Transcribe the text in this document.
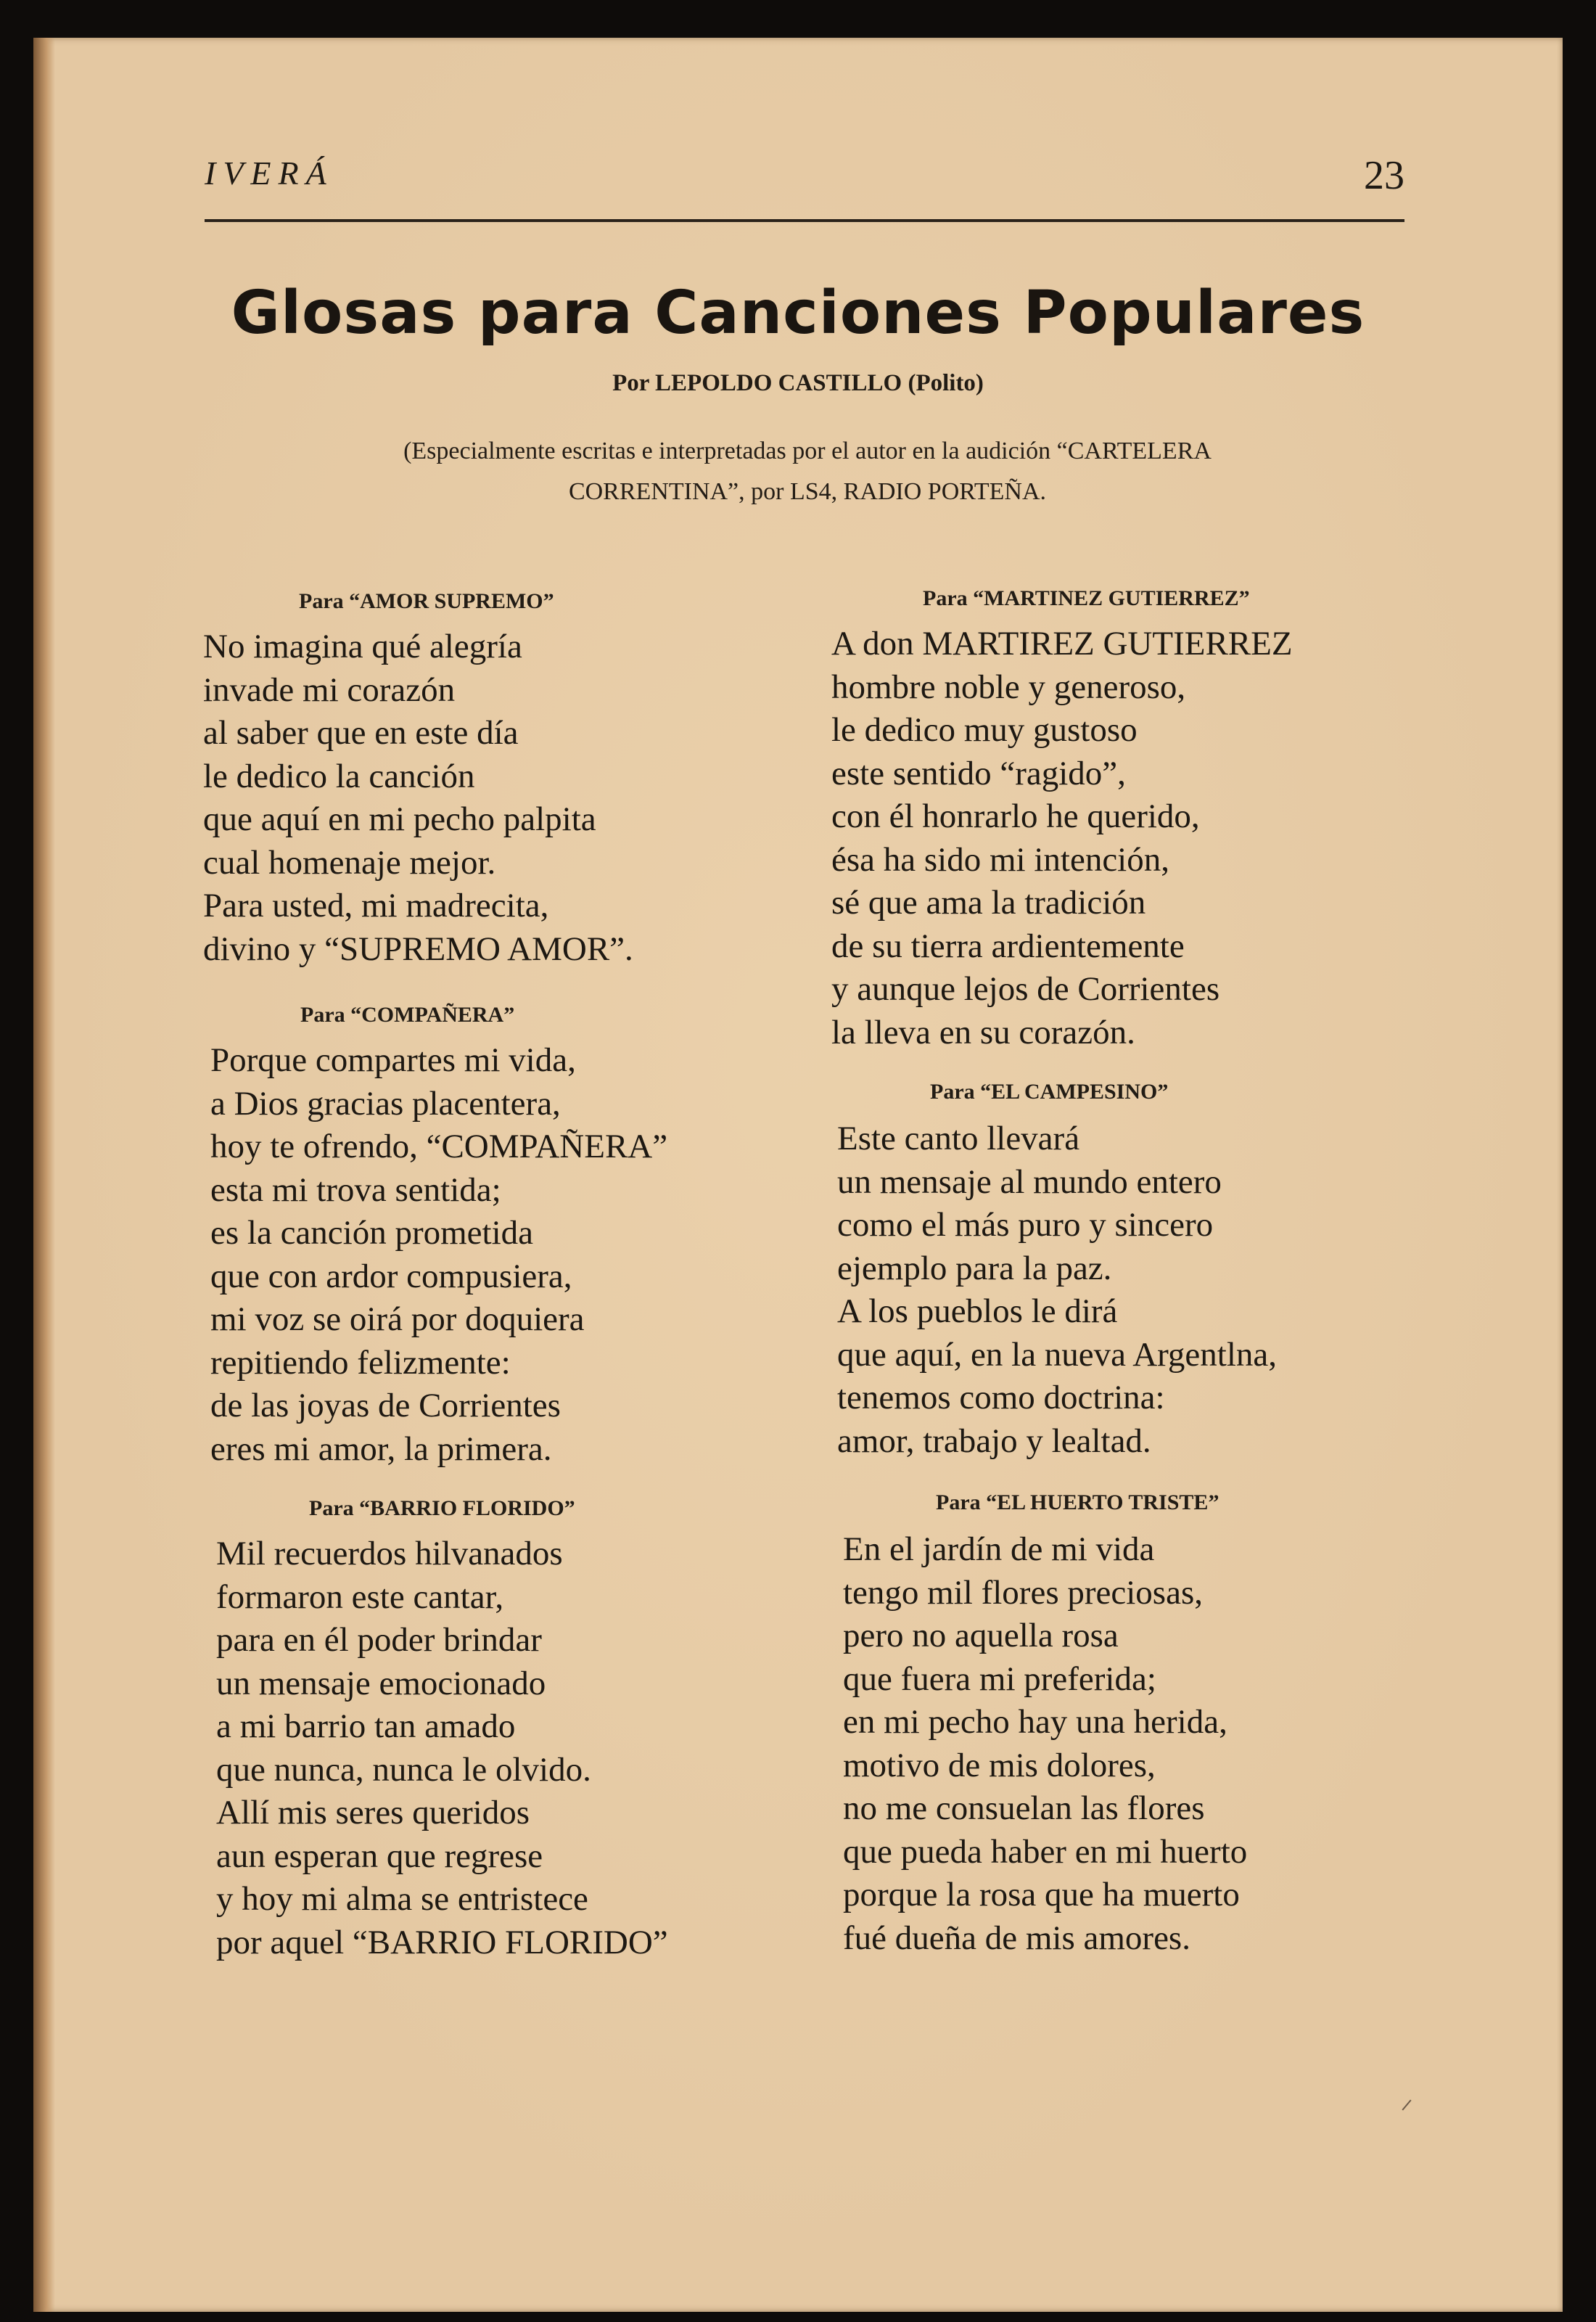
IVERÁ	23
Glosas para Canciones Populares
Por LEPOLDO CASTILLO (Polito)
(Especialmente escritas e interpretadas por el autor en la audición “CARTELERA
CORRENTINA”, por LS4, RADIO PORTEÑA.
Para “AMOR SUPREMO”
No imagina qué alegría
invade mi corazón
al saber que en este día
le dedico la canción
que aquí en mi pecho palpita
cual homenaje mejor.
Para usted, mi madrecita,
divino y “SUPREMO AMOR”.
Para “COMPAÑERA”
Porque compartes mi vida,
a Dios gracias placentera,
hoy te ofrendo, “COMPAÑERA”
esta mi trova sentida;
es la canción prometida
que con ardor compusiera,
mi voz se oirá por doquiera
repitiendo felizmente:
de las joyas de Corrientes
eres mi amor, la primera.
Para “BARRIO FLORIDO”
Mil recuerdos hilvanados
formaron este cantar,
para en él poder brindar
un mensaje emocionado
a mi barrio tan amado
que nunca, nunca le olvido.
Allí mis seres queridos
aun esperan que regrese
y hoy mi alma se entristece
por aquel “BARRIO FLORIDO”
Para “MARTINEZ GUTIERREZ”
A don MARTIREZ GUTIERREZ
hombre noble y generoso,
le dedico muy gustoso
este sentido “ragido”,
con él honrarlo he querido,
ésa ha sido mi intención,
sé que ama la tradición
de su tierra ardientemente
y aunque lejos de Corrientes
la lleva en su corazón.
Para “EL CAMPESINO”
Este canto llevará
un mensaje al mundo entero
como el más puro y sincero
ejemplo para la paz.
A los pueblos le dirá
que aquí, en la nueva Argentlna,
tenemos como doctrina:
amor, trabajo y lealtad.
Para “EL HUERTO TRISTE”
En el jardín de mi vida
tengo mil flores preciosas,
pero no aquella rosa
que fuera mi preferida;
en mi pecho hay una herida,
motivo de mis dolores,
no me consuelan las flores
que pueda haber en mi huerto
porque la rosa que ha muerto
fué dueña de mis amores.
